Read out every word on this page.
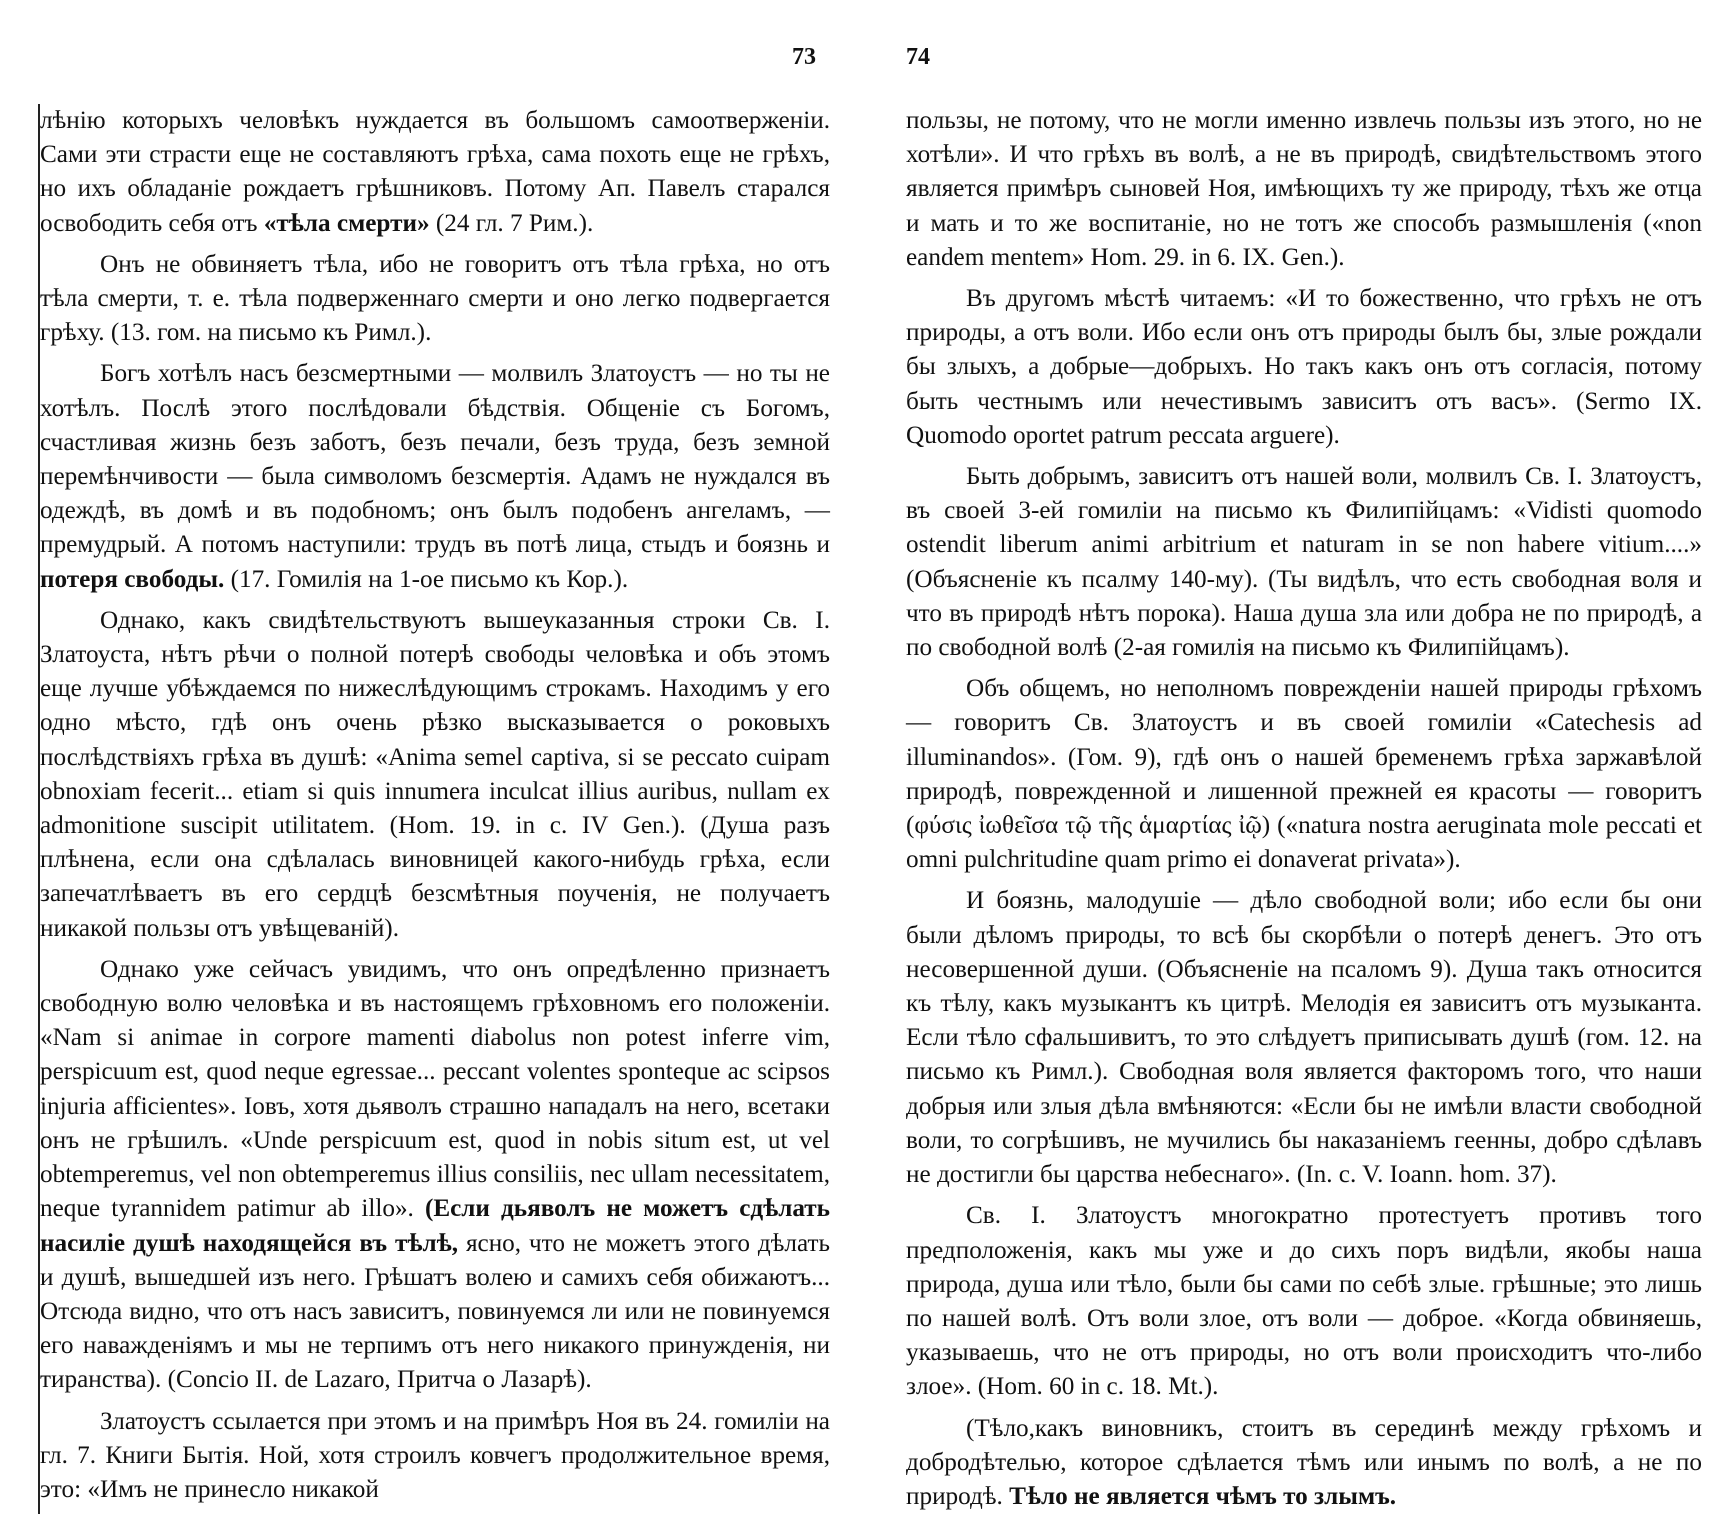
73	74

лѣнію которыхъ человѣкъ нуждается въ большомъ самоотверженіи. Сами эти страсти еще не составляютъ грѣха, сама похоть еще не грѣхъ, но ихъ обладаніе рождаетъ грѣшниковъ. Потому Ап. Павелъ старался освободить себя отъ «тѣла смерти» (24 гл. 7 Рим.).

Онъ не обвиняетъ тѣла, ибо не говоритъ отъ тѣла грѣха, но отъ тѣла смерти, т. е. тѣла подверженнаго смерти и оно легко подвергается грѣху. (13. гом. на письмо къ Римл.).

Богъ хотѣлъ насъ безсмертными — молвилъ Златоустъ — но ты не хотѣлъ. Послѣ этого послѣдовали бѣдствія. Общеніе съ Богомъ, счастливая жизнь безъ заботъ, безъ печали, безъ труда, безъ земной перемѣнчивости — была символомъ безсмертія. Адамъ не нуждался въ одеждѣ, въ домѣ и въ подобномъ; онъ былъ подобенъ ангеламъ, — премудрый. А потомъ наступили: трудъ въ потѣ лица, стыдъ и боязнь и потеря свободы. (17. Гомилія на 1-ое письмо къ Кор.).

Однако, какъ свидѣтельствуютъ вышеуказанныя строки Св. I. Златоуста, нѣтъ рѣчи о полной потерѣ свободы человѣка и объ этомъ еще лучше убѣждаемся по нижеслѣдующимъ строкамъ. Находимъ у его одно мѣсто, гдѣ онъ очень рѣзко высказывается о роковыхъ послѣдствіяхъ грѣха въ душѣ: «Anima semel captiva, si se peccato cuipam obnoxiam fecerit... etiam si quis innumera inculcat illius auribus, nullam ex admonitione suscipit utilitatem. (Hom. 19. in c. IV Gen.). (Душа разъ плѣнена, если она сдѣлалась виновницей какого-нибудь грѣха, если запечатлѣваетъ въ его сердцѣ безсмѣтныя поученія, не получаетъ никакой пользы отъ увѣщеваній).

Однако уже сейчасъ увидимъ, что онъ опредѣленно признаетъ свободную волю человѣка и въ настоящемъ грѣховномъ его положеніи. «Nam si animae in corpore mamenti diabolus non potest inferre vim, perspicuum est, quod neque egressae... peccant volentes sponteque ac scipsos injuria afficientes». Іовъ, хотя дьяволъ страшно нападалъ на него, всетаки онъ не грѣшилъ. «Unde perspicuum est, quod in nobis situm est, ut vel obtemperemus, vel non obtemperemus illius consiliis, nec ullam necessitatem, neque tyrannidem patimur ab illo». (Если дьяволъ не можетъ сдѣлать насиліе душѣ находящейся въ тѣлѣ, ясно, что не можетъ этого дѣлать и душѣ, вышедшей изъ него. Грѣшатъ волею и самихъ себя обижаютъ... Отсюда видно, что отъ насъ зависитъ, повинуемся ли или не повинуемся его наважденіямъ и мы не терпимъ отъ него никакого принужденія, ни тиранства). (Concio II. de Lazaro, Притча о Лазарѣ).

Златоустъ ссылается при этомъ и на примѣръ Ноя въ 24. гомиліи на гл. 7. Книги Бытія. Ной, хотя строилъ ковчегъ продолжительное время, это: «Имъ не принесло никакой

пользы, не потому, что не могли именно извлечь пользы изъ этого, но не хотѣли». И что грѣхъ въ волѣ, а не въ природѣ, свидѣтельствомъ этого является примѣръ сыновей Ноя, имѣющихъ ту же природу, тѣхъ же отца и мать и то же воспитаніе, но не тотъ же способъ размышленія («non eandem mentem» Hom. 29. in 6. IX. Gen.).

Въ другомъ мѣстѣ читаемъ: «И то божественно, что грѣхъ не отъ природы, а отъ воли. Ибо если онъ отъ природы былъ бы, злые рождали бы злыхъ, а добрые—добрыхъ. Но такъ какъ онъ отъ согласія, потому быть честнымъ или нечестивымъ зависитъ отъ васъ». (Sermo IX. Quomodo oportet patrum peccata arguere).

Быть добрымъ, зависитъ отъ нашей воли, молвилъ Св. I. Златоустъ, въ своей 3-ей гомиліи на письмо къ Филипійцамъ: «Vidisti quomodo ostendit liberum animi arbitrium et naturam in se non habere vitium....» (Объясненіе къ псалму 140-му). (Ты видѣлъ, что есть свободная воля и что въ природѣ нѣтъ порока). Наша душа зла или добра не по природѣ, а по свободной волѣ (2-ая гомилія на письмо къ Филипійцамъ).

Объ общемъ, но неполномъ поврежденіи нашей природы грѣхомъ — говоритъ Св. Златоустъ и въ своей гомиліи «Catechesis ad illuminandos». (Гом. 9), гдѣ онъ о нашей бременемъ грѣха заржавѣлой природѣ, поврежденной и лишенной прежней ея красоты — говоритъ (φύσις ἰωθεῖσα τῷ τῆς ἁμαρτίας ἰῷ) («natura nostra aeruginata mole peccati et omni pulchritudine quam primo ei donaverat privata»).

И боязнь, малодушіе — дѣло свободной воли; ибо если бы они были дѣломъ природы, то всѣ бы скорбѣли о потерѣ денегъ. Это отъ несовершенной души. (Объясненіе на псаломъ 9). Душа такъ относится къ тѣлу, какъ музыкантъ къ цитрѣ. Мелодія ея зависитъ отъ музыканта. Если тѣло сфальшивитъ, то это слѣдуетъ приписывать душѣ (гом. 12. на письмо къ Римл.). Свободная воля является факторомъ того, что наши добрыя или злыя дѣла вмѣняются: «Если бы не имѣли власти свободной воли, то согрѣшивъ, не мучились бы наказаніемъ геенны, добро сдѣлавъ не достигли бы царства небеснаго». (In. c. V. Ioann. hom. 37).

Св. I. Златоустъ многократно протестуетъ противъ того предположенія, какъ мы уже и до сихъ поръ видѣли, якобы наша природа, душа или тѣло, были бы сами по себѣ злые. грѣшные; это лишь по нашей волѣ. Отъ воли злое, отъ воли — доброе. «Когда обвиняешь, указываешь, что не отъ природы, но отъ воли происходитъ что-либо злое». (Hom. 60 in c. 18. Mt.).

(Тѣло,какъ виновникъ, стоитъ въ серединѣ между грѣхомъ и добродѣтелью, которое сдѣлается тѣмъ или инымъ по волѣ, а не по природѣ. Тѣло не является чѣмъ то злымъ.
